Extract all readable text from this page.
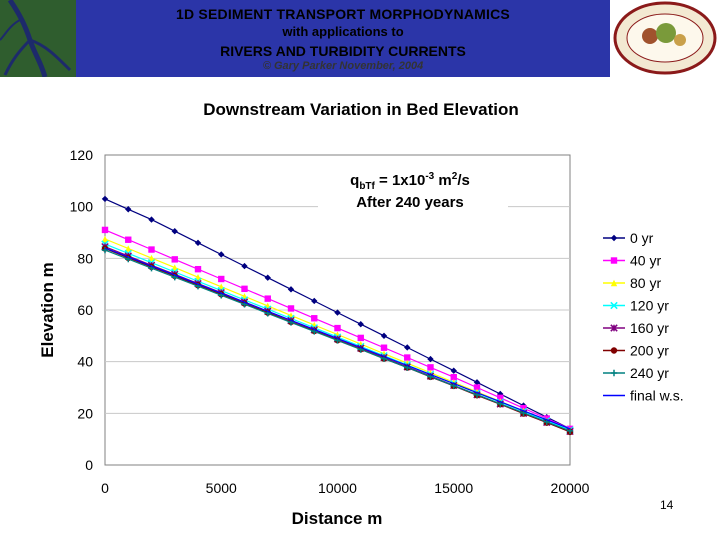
1D SEDIMENT TRANSPORT MORPHODYNAMICS
with applications to
RIVERS AND TURBIDITY CURRENTS
© Gary Parker November, 2004
0
20
40
60
80
100
120
0	5000	10000	15000	20000
Downstream Variation in Bed Elevation
Distance m
Elevation m
$q_{bTf} = 1x10^{-3}$ $m^2/s$
After 240 years
0 yr
40 yr
80 yr
120 yr
160 yr
200 yr
240 yr
final w.s.
14
